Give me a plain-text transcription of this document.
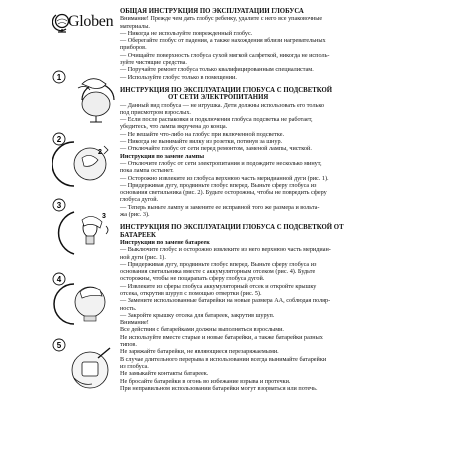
Globen
1
2
2
3
3
4
5

ОБЩАЯ ИНСТРУКЦИЯ ПО ЭКСПЛУАТАЦИИ ГЛОБУСА

Внимание! Прежде чем дать глобус ребенку, удалите с него все упаковочные

материалы.

— Никогда не используйте поврежденный глобус.

— Оберегайте глобус от падения, а также нахождения вблизи нагревательных

приборов.

— Очищайте поверхность глобуса сухой мягкой салфеткой, никогда не исполь-

зуйте чистящие средства.

— Поручайте ремонт глобуса только квалифицированным специалистам.

— Используйте глобус только в помещении.

ИНСТРУКЦИЯ ПО ЭКСПЛУАТАЦИИ ГЛОБУСА С ПОДСВЕТКОЙ

ОТ СЕТИ ЭЛЕКТРОПИТАНИЯ

— Данный вид глобуса — не игрушка. Дети должны использовать его только

под присмотром взрослых.

— Если после распаковки и подключения глобуса подсветка не работает,

убедитесь, что лампа вкручена до конца.

— Не вешайте что-либо на глобус при включенной подсветке.

— Никогда не вынимайте вилку из розетки, потянув за шнур.

— Отключайте глобус от сети перед ремонтом, заменой лампы, чисткой.

Инструкция по замене лампы

— Отключите глобус от сети электропитания и подождите несколько минут,

пока лампа остынет.

— Осторожно извлеките из глобуса верхнюю часть меридианной дуги (рис. 1).

— Придерживая дугу, продвиньте глобус вперед. Выньте сферу глобуса из

основания светильника (рис. 2). Будьте осторожны, чтобы не повредить сферу

глобуса дугой.

— Теперь выньте лампу и замените ее исправной того же размера и вольта-

жа (рис. 3).

ИНСТРУКЦИЯ ПО ЭКСПЛУАТАЦИИ ГЛОБУСА С ПОДСВЕТКОЙ ОТ

БАТАРЕЕК

Инструкции по замене батареек

— Выключите глобус и осторожно извлеките из него верхнюю часть меридиан-

ной дуги (рис. 1).

— Придерживая дугу, продвиньте глобус вперед. Выньте сферу глобуса из

основания светильника вместе с аккумуляторным отсеком (рис. 4). Будьте

осторожны, чтобы не поцарапать сферу глобуса дугой.

— Извлеките из сферы глобуса аккумуляторный отсек и откройте крышку

отсека, открутив шуруп с помощью отвертки (рис. 5).

— Замените использованные батарейки на новые размера АА, соблюдая поляр-

ность.

— Закройте крышку отсека для батареек, закрутив шуруп.

Внимание!

Все действия с батарейками должны выполняться взрослыми.

Не используйте вместе старые и новые батарейки, а также батарейки разных

типов.

Не заряжайте батарейки, не являющиеся перезаряжаемыми.

В случае длительного перерыва в использовании всегда вынимайте батарейки

из глобуса.

Не замыкайте контакты батареек.

Не бросайте батарейки в огонь во избежание взрыва и протечки.

При неправильном использовании батарейки могут взорваться или потечь.
